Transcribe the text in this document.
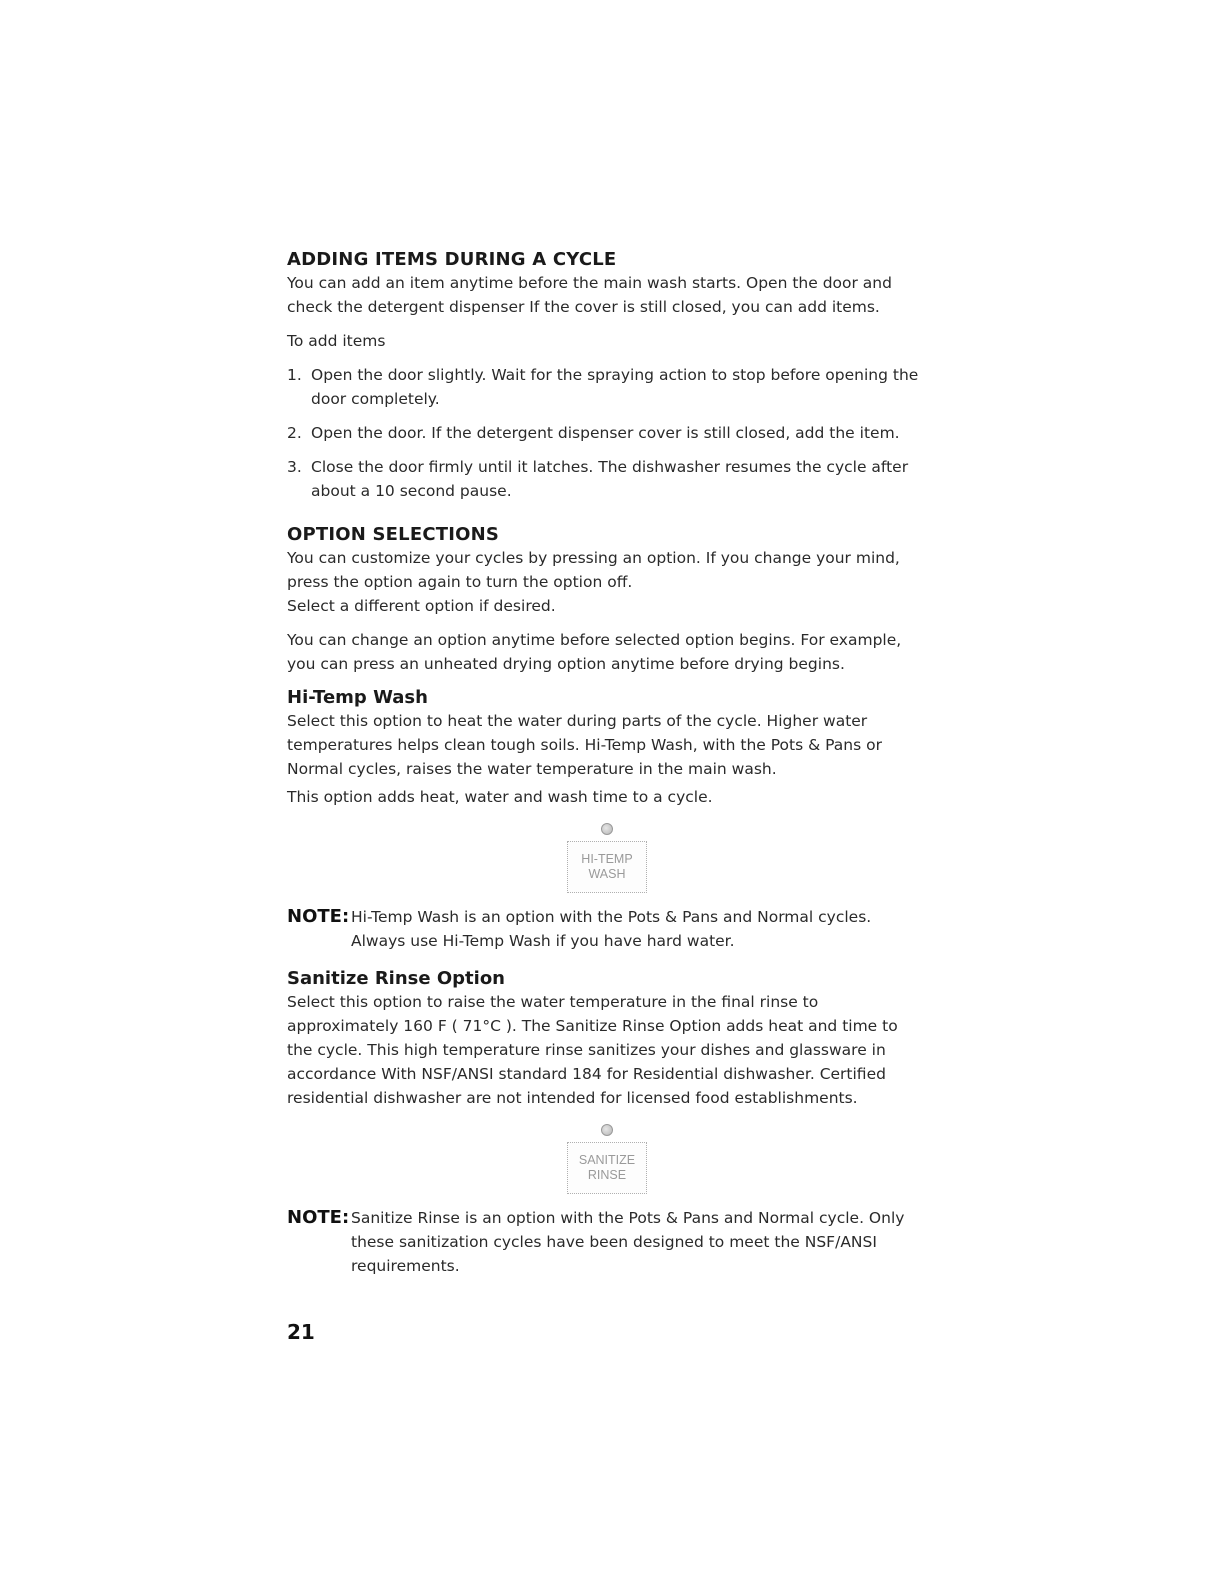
ADDING ITEMS DURING A CYCLE

You can add an item anytime before the main wash starts. Open the door and check the detergent dispenser If the cover is still closed, you can add items.

To add items

1. Open the door slightly. Wait for the spraying action to stop before opening the door completely.
2. Open the door. If the detergent dispenser cover is still closed, add the item.
3. Close the door firmly until it latches. The dishwasher resumes the cycle after about a 10 second pause.
OPTION SELECTIONS

You can customize your cycles by pressing an option. If you change your mind, press the option again to turn the option off.

Select a different option if desired.

You can change an option anytime before selected option begins. For example, you can press an unheated drying option anytime before drying begins.

Hi-Temp Wash

Select this option to heat the water during parts of the cycle. Higher water temperatures helps clean tough soils. Hi-Temp Wash, with the Pots & Pans or Normal cycles, raises the water temperature in the main wash.

This option adds heat, water and wash time to a cycle.

HI-TEMP
WASH
NOTE: Hi-Temp Wash is an option with the Pots & Pans and Normal cycles. Always use Hi-Temp Wash if you have hard water.
Sanitize Rinse Option

Select this option to raise the water temperature in the final rinse to approximately 160 F ( 71°C ). The Sanitize Rinse Option adds heat and time to the cycle. This high temperature rinse sanitizes your dishes and glassware in accordance With NSF/ANSI standard 184 for Residential dishwasher. Certified residential dishwasher are not intended for licensed food establishments.

SANITIZE
RINSE
NOTE: Sanitize Rinse is an option with the Pots & Pans and Normal cycle. Only these sanitization cycles have been designed to meet the NSF/ANSI requirements.
21
